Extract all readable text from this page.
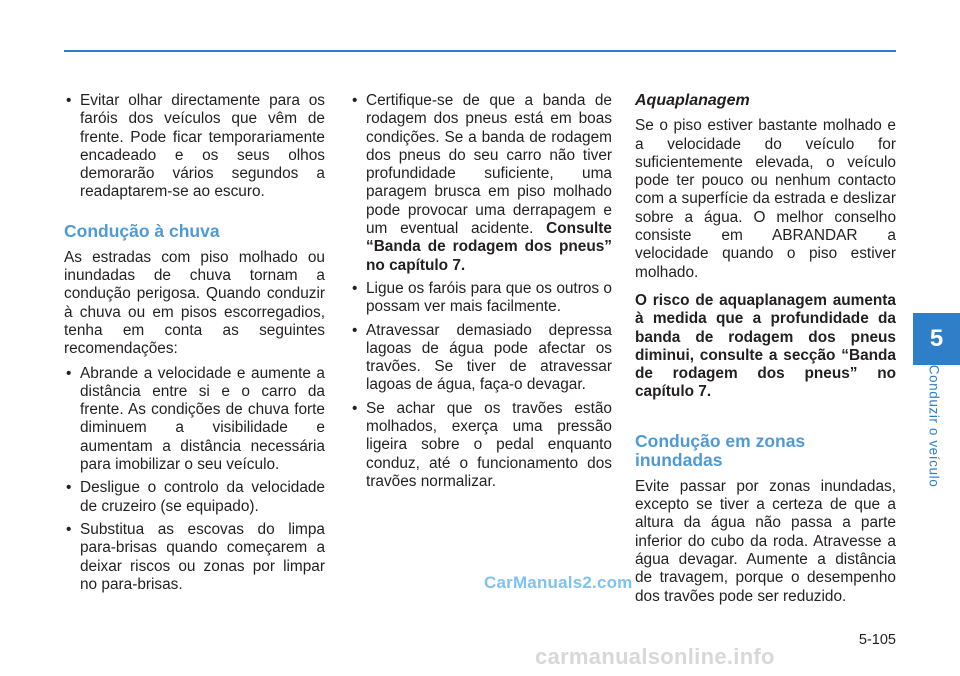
• Evitar olhar directamente para os faróis dos veículos que vêm de frente. Pode ficar temporariamente encadeado e os seus olhos demorarão vários segundos a readaptarem-se ao escuro.
Condução à chuva

As estradas com piso molhado ou inundadas de chuva tornam a condução perigosa. Quando conduzir à chuva ou em pisos escorregadios, tenha em conta as seguintes recomendações:

• Abrande a velocidade e aumente a distância entre si e o carro da frente. As condições de chuva forte diminuem a visibilidade e aumentam a distância necessária para imobilizar o seu veículo.
• Desligue o controlo da velocidade de cruzeiro (se equipado).
• Substitua as escovas do limpa para-brisas quando começarem a deixar riscos ou zonas por limpar no para-brisas.
• Certifique-se de que a banda de rodagem dos pneus está em boas condições. Se a banda de rodagem dos pneus do seu carro não tiver profundidade suficiente, uma paragem brusca em piso molhado pode provocar uma derrapagem e um eventual acidente. Consulte “Banda de rodagem dos pneus” no capítulo 7.
• Ligue os faróis para que os outros o possam ver mais facilmente.
• Atravessar demasiado depressa lagoas de água pode afectar os travões. Se tiver de atravessar lagoas de água, faça-o devagar.
• Se achar que os travões estão molhados, exerça uma pressão ligeira sobre o pedal enquanto conduz, até o funcionamento dos travões normalizar.
Aquaplanagem

Se o piso estiver bastante molhado e a velocidade do veículo for suficientemente elevada, o veículo pode ter pouco ou nenhum contacto com a superfície da estrada e deslizar sobre a água. O melhor conselho consiste em ABRANDAR a velocidade quando o piso estiver molhado.

O risco de aquaplanagem aumenta à medida que a profundidade da banda de rodagem dos pneus diminui, consulte a secção “Banda de rodagem dos pneus” no capítulo 7.

Condução em zonas inundadas

Evite passar por zonas inundadas, excepto se tiver a certeza de que a altura da água não passa a parte inferior do cubo da roda. Atravesse a água devagar. Aumente a distância de travagem, porque o desempenho dos travões pode ser reduzido.

5
Conduzir o veículo
5-105
CarManuals2.com
carmanualsonline.info
